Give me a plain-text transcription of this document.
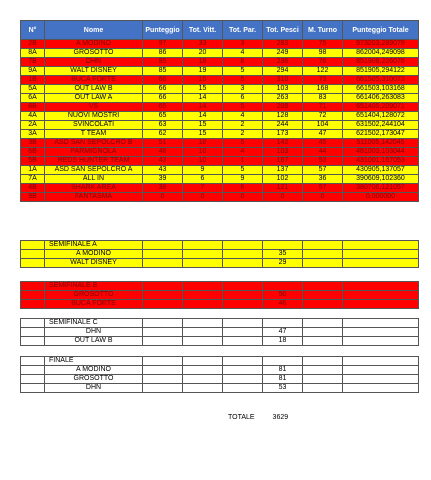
N°	Nome	Punteggio	Tot. Vitt.	Tot. Par.	Tot. Pesci	M. Turno	Punteggio Totale
2B	A MODINO	97	33	3	283	75	973203,289079
8A	GROSOTTO	86	20	4	249	98	862004,249098
7B	DHN	85	18	8	236	76	851908,226076
9A	WALT DISNEY	85	19	5	294	122	851905,294122
1B	BUCA FORTE	66	15	5	310	73	661505,310073
5A	OUT LAW B	66	15	3	103	168	661503,103168
6A	OUT LAW A	66	14	6	263	83	661406,263083
8B	VS	65	14	5	209	71	651405,209071
4A	NUOVI MOSTRI	65	14	4	128	72	651404,128072
2A	SVINCOLATI	63	15	2	244	104	631502,244104
3A	T TEAM	62	15	2	173	47	621502,173047
3B	ASD SAN SEPOLCRO B	51	10	5	142	45	511005,142045
6B	PARMIGNOLA	48	10	4	103	44	481003,103044
5B	REDS HUNTER TEAM	43	10	1	167	53	431001,167053
1A	ASD SAN SEPOLCRO A	43	9	5	137	57	430905,137057
7A	ALL IN	39	6	9	102	36	390609,102360
4B	SHARK AREA	38	7	6	121	57	380706,121057
9B	FANTASMA	0	0	0	0	0	0,000000
	SEMIFINALE A						
	A MODINO				35		
	WALT DISNEY				29		
	SEMIFINALE B						
	GROSOTTO				50		
	BUCA FORTE				46		
	SEMIFINALE C						
	DHN				47		
	OUT LAW B				18		
	FINALE						
	A MODINO				81		
	GROSOTTO				81		
	DHN				53		
TOTALE	3629
